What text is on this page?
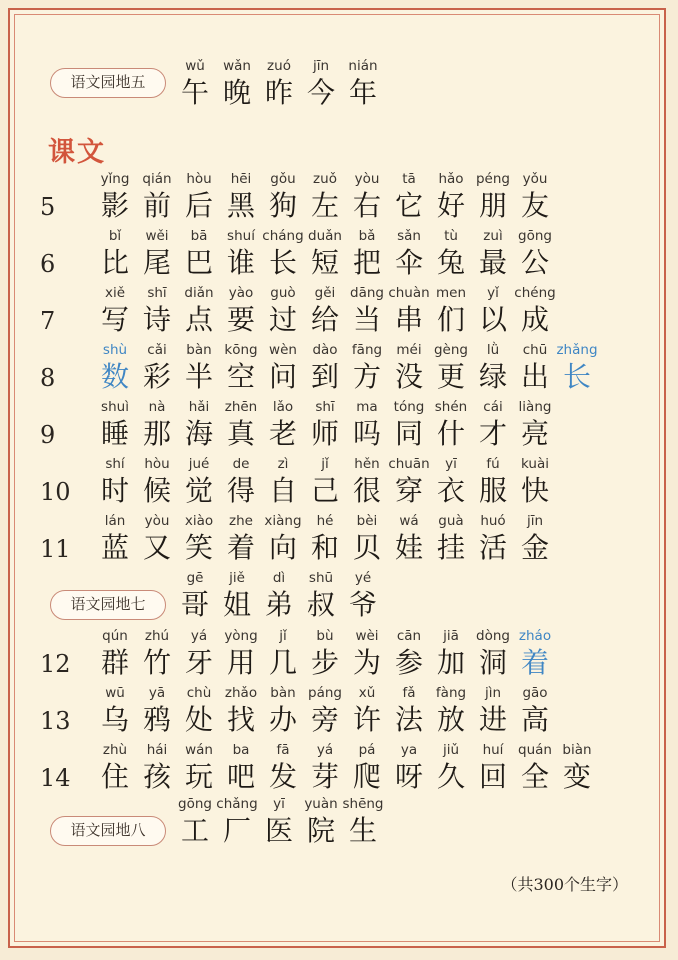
语文园地五
wǔ
午
wǎn
晚
zuó
昨
jīn
今
nián
年
课文
5
yǐng
影
qián
前
hòu
后
hēi
黑
gǒu
狗
zuǒ
左
yòu
右
tā
它
hǎo
好
péng
朋
yǒu
友
6
bǐ
比
wěi
尾
bā
巴
shuí
谁
cháng
长
duǎn
短
bǎ
把
sǎn
伞
tù
兔
zuì
最
gōng
公
7
xiě
写
shī
诗
diǎn
点
yào
要
guò
过
gěi
给
dāng
当
chuàn
串
men
们
yǐ
以
chéng
成
8
shù
数
cǎi
彩
bàn
半
kōng
空
wèn
问
dào
到
fāng
方
méi
没
gèng
更
lǜ
绿
chū
出
zhǎng
长
9
shuì
睡
nà
那
hǎi
海
zhēn
真
lǎo
老
shī
师
ma
吗
tóng
同
shén
什
cái
才
liàng
亮
10
shí
时
hòu
候
jué
觉
de
得
zì
自
jǐ
己
hěn
很
chuān
穿
yī
衣
fú
服
kuài
快
11
lán
蓝
yòu
又
xiào
笑
zhe
着
xiàng
向
hé
和
bèi
贝
wá
娃
guà
挂
huó
活
jīn
金
语文园地七
gē
哥
jiě
姐
dì
弟
shū
叔
yé
爷
12
qún
群
zhú
竹
yá
牙
yòng
用
jǐ
几
bù
步
wèi
为
cān
参
jiā
加
dòng
洞
zháo
着
13
wū
乌
yā
鸦
chù
处
zhǎo
找
bàn
办
páng
旁
xǔ
许
fǎ
法
fàng
放
jìn
进
gāo
高
14
zhù
住
hái
孩
wán
玩
ba
吧
fā
发
yá
芽
pá
爬
ya
呀
jiǔ
久
huí
回
quán
全
biàn
变
语文园地八
gōng
工
chǎng
厂
yī
医
yuàn
院
shēng
生
（共300个生字）
